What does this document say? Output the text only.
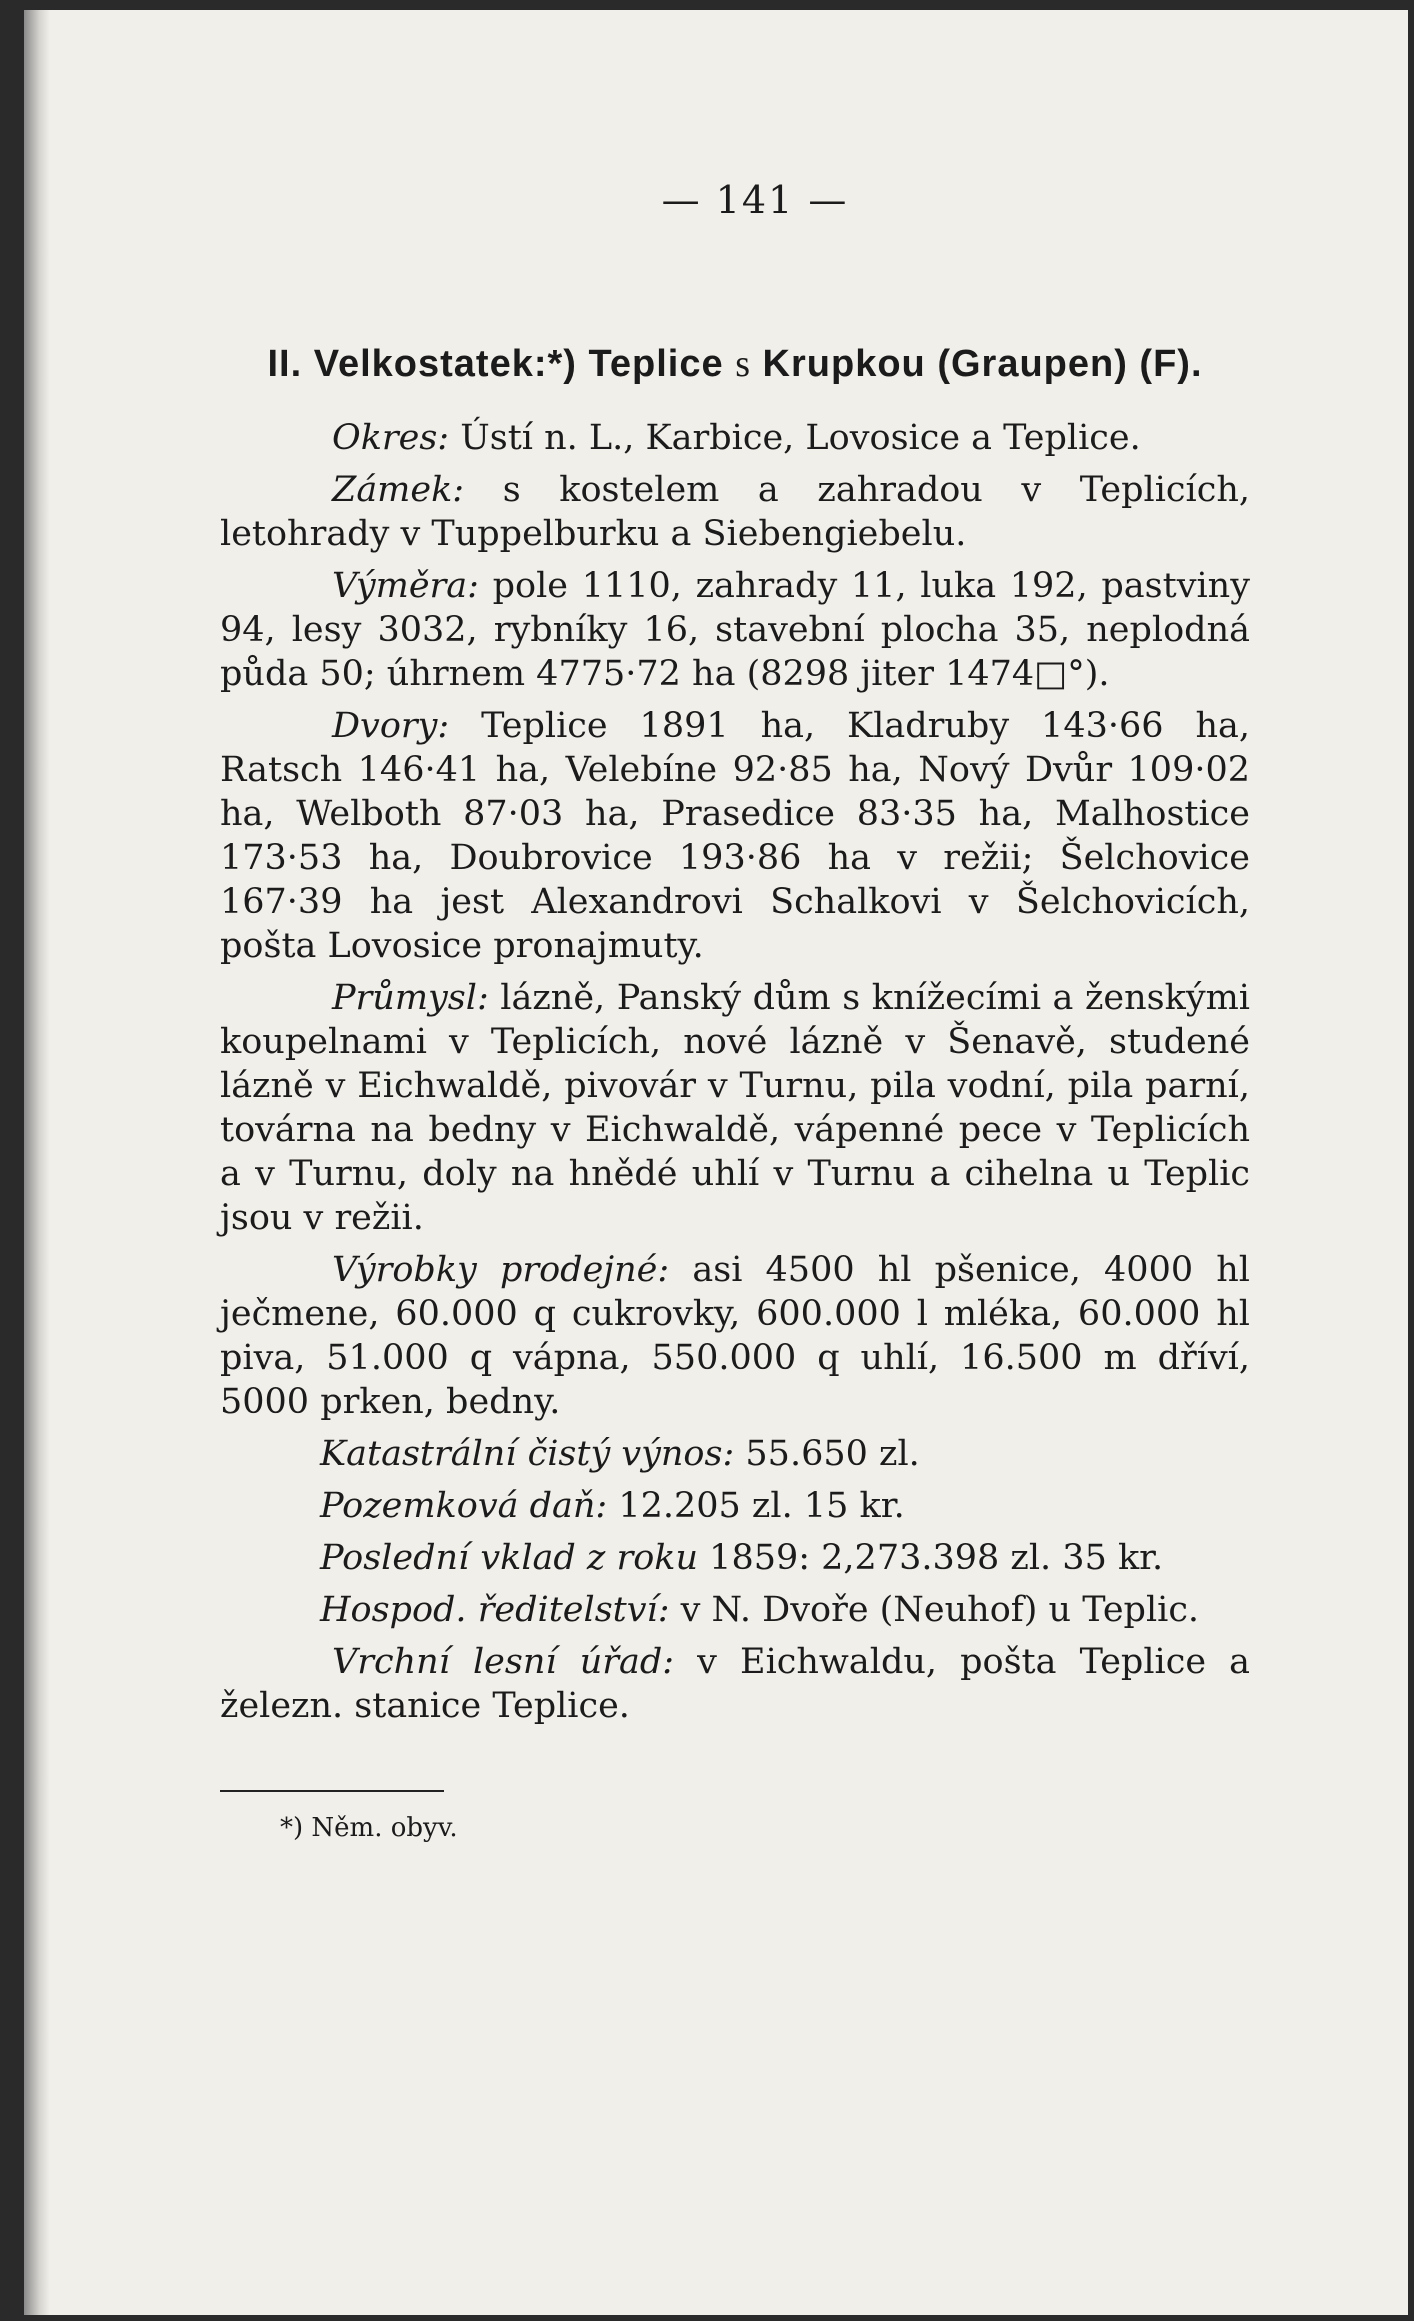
— 141 —
II. Velkostatek:*) Teplice s Krupkou (Graupen) (F).

Okres: Ústí n. L., Karbice, Lovosice a Teplice.

Zámek: s kostelem a zahradou v Teplicích, letohrady v Tuppelburku a Siebengiebelu.

Výměra: pole 1110, zahrady 11, luka 192, pastviny 94, lesy 3032, rybníky 16, stavební plocha 35, neplodná půda 50; úhrnem 4775·72 ha (8298 jiter 1474□°).

Dvory: Teplice 1891 ha, Kladruby 143·66 ha, Ratsch 146·41 ha, Velebíne 92·85 ha, Nový Dvůr 109·02 ha, Welboth 87·03 ha, Prasedice 83·35 ha, Malhostice 173·53 ha, Doubrovice 193·86 ha v režii; Šelchovice 167·39 ha jest Alexandrovi Schalkovi v Šelchovicích, pošta Lovosice pronajmuty.

Průmysl: lázně, Panský dům s knížecími a ženskými koupelnami v Teplicích, nové lázně v Šenavě, studené lázně v Eichwaldě, pivovár v Turnu, pila vodní, pila parní, továrna na bedny v Eichwaldě, vápenné pece v Teplicích a v Turnu, doly na hnědé uhlí v Turnu a cihelna u Teplic jsou v režii.

Výrobky prodejné: asi 4500 hl pšenice, 4000 hl ječmene, 60.000 q cukrovky, 600.000 l mléka, 60.000 hl piva, 51.000 q vápna, 550.000 q uhlí, 16.500 m dříví, 5000 prken, bedny.

Katastrální čistý výnos: 55.650 zl.

Pozemková daň: 12.205 zl. 15 kr.

Poslední vklad z roku 1859: 2,273.398 zl. 35 kr.

Hospod. ředitelství: v N. Dvoře (Neuhof) u Teplic.

Vrchní lesní úřad: v Eichwaldu, pošta Teplice a železn. stanice Teplice.

*) Něm. obyv.
